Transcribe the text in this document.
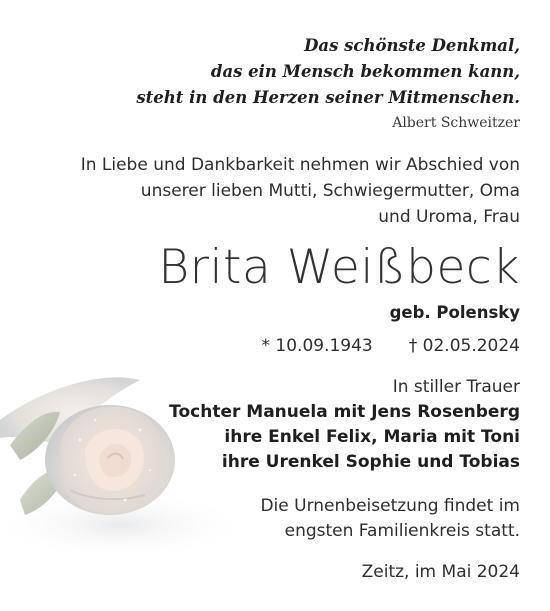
Das schönste Denkmal,
das ein Mensch bekommen kann,
steht in den Herzen seiner Mitmenschen.
Albert Schweitzer
In Liebe und Dankbarkeit nehmen wir Abschied von
unserer lieben Mutti, Schwiegermutter, Oma
und Uroma, Frau
Brita Weißbeck
geb. Polensky
* 10.09.1943 † 02.05.2024
In stiller Trauer
Tochter Manuela mit Jens Rosenberg
ihre Enkel Felix, Maria mit Toni
ihre Urenkel Sophie und Tobias
Die Urnenbeisetzung findet im
engsten Familienkreis statt.
Zeitz, im Mai 2024
